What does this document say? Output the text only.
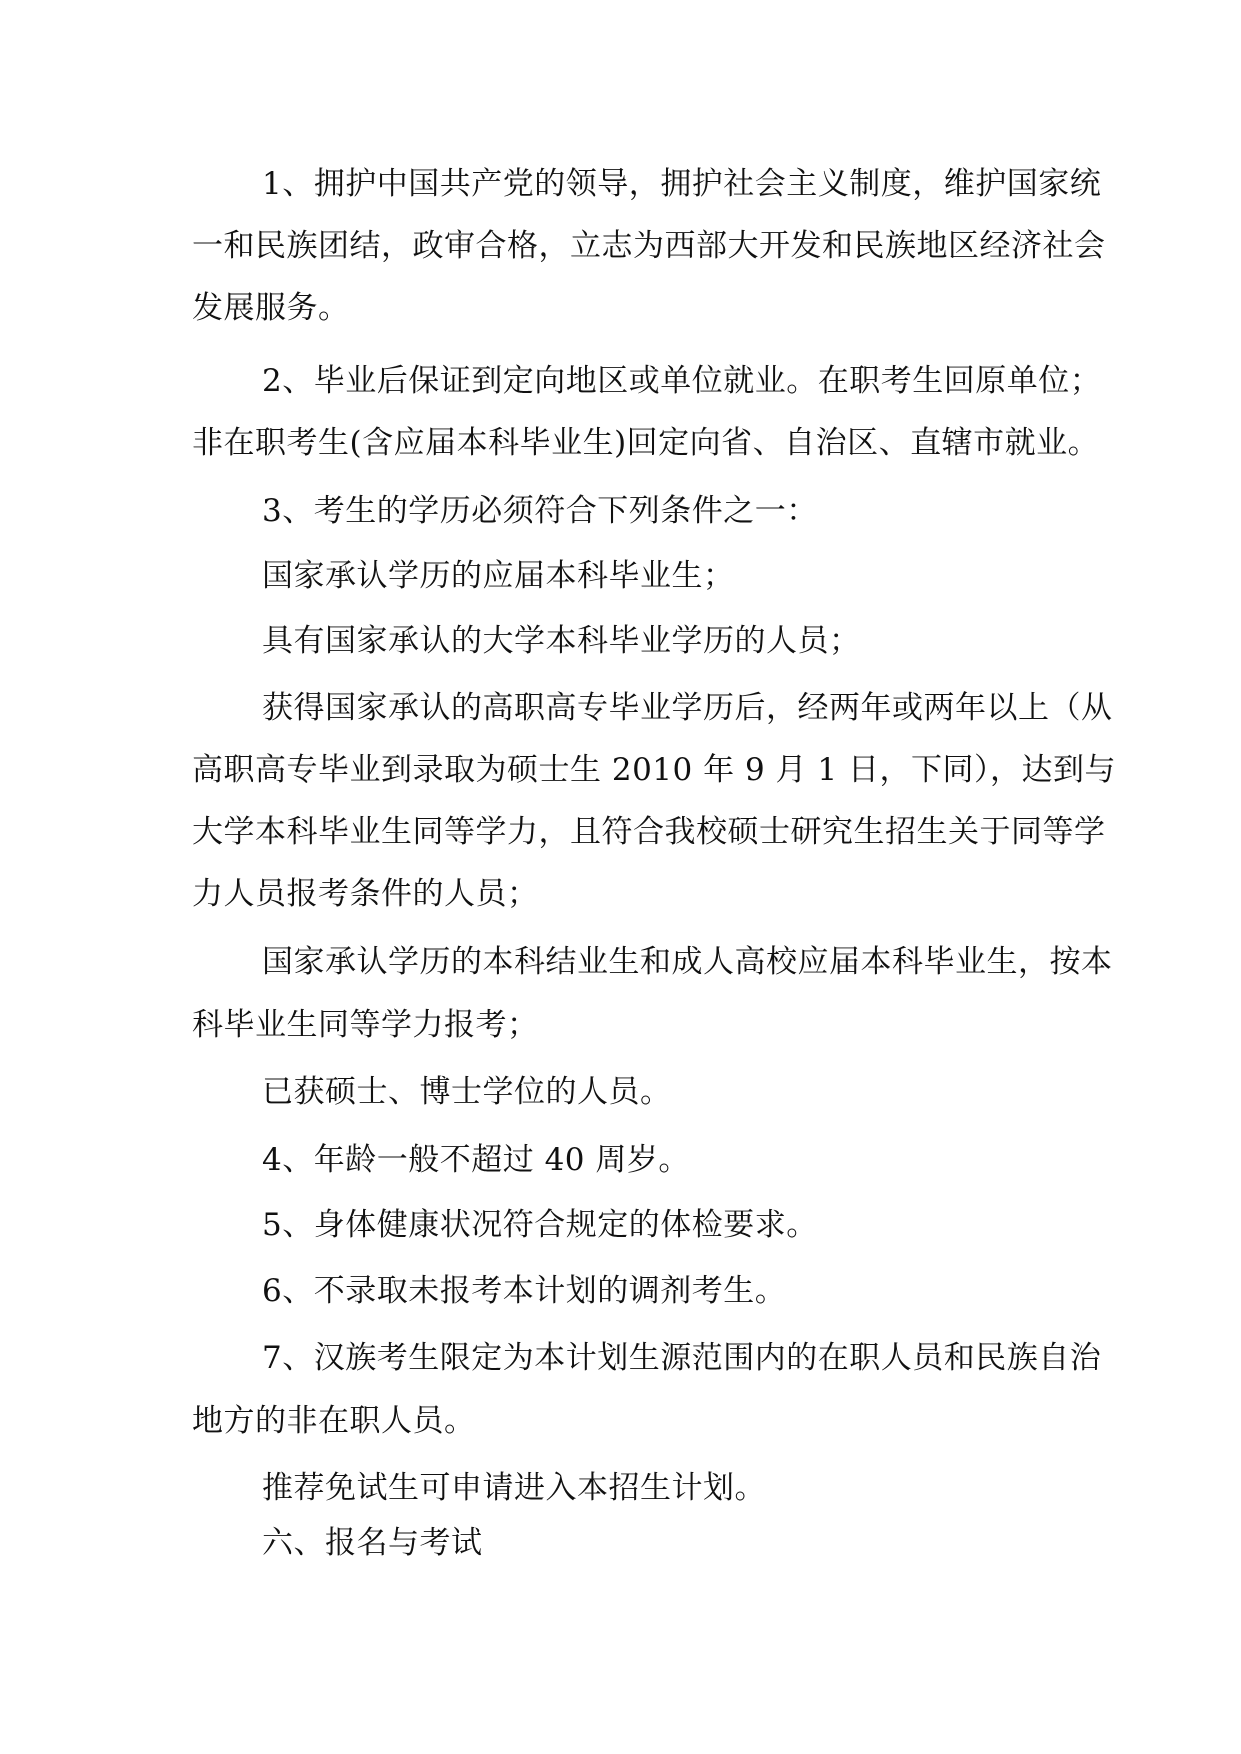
1、拥护中国共产党的领导，拥护社会主义制度，维护国家统
一和民族团结，政审合格，立志为西部大开发和民族地区经济社会
发展服务。
2、毕业后保证到定向地区或单位就业。在职考生回原单位；
非在职考生(含应届本科毕业生)回定向省、自治区、直辖市就业。
3、考生的学历必须符合下列条件之一：
国家承认学历的应届本科毕业生；
具有国家承认的大学本科毕业学历的人员；
获得国家承认的高职高专毕业学历后，经两年或两年以上（从
高职高专毕业到录取为硕士生 2010 年 9 月 1 日，下同），达到与
大学本科毕业生同等学力，且符合我校硕士研究生招生关于同等学
力人员报考条件的人员；
国家承认学历的本科结业生和成人高校应届本科毕业生，按本
科毕业生同等学力报考；
已获硕士、博士学位的人员。
4、年龄一般不超过 40 周岁。
5、身体健康状况符合规定的体检要求。
6、不录取未报考本计划的调剂考生。
7、汉族考生限定为本计划生源范围内的在职人员和民族自治
地方的非在职人员。
推荐免试生可申请进入本招生计划。
六、报名与考试
